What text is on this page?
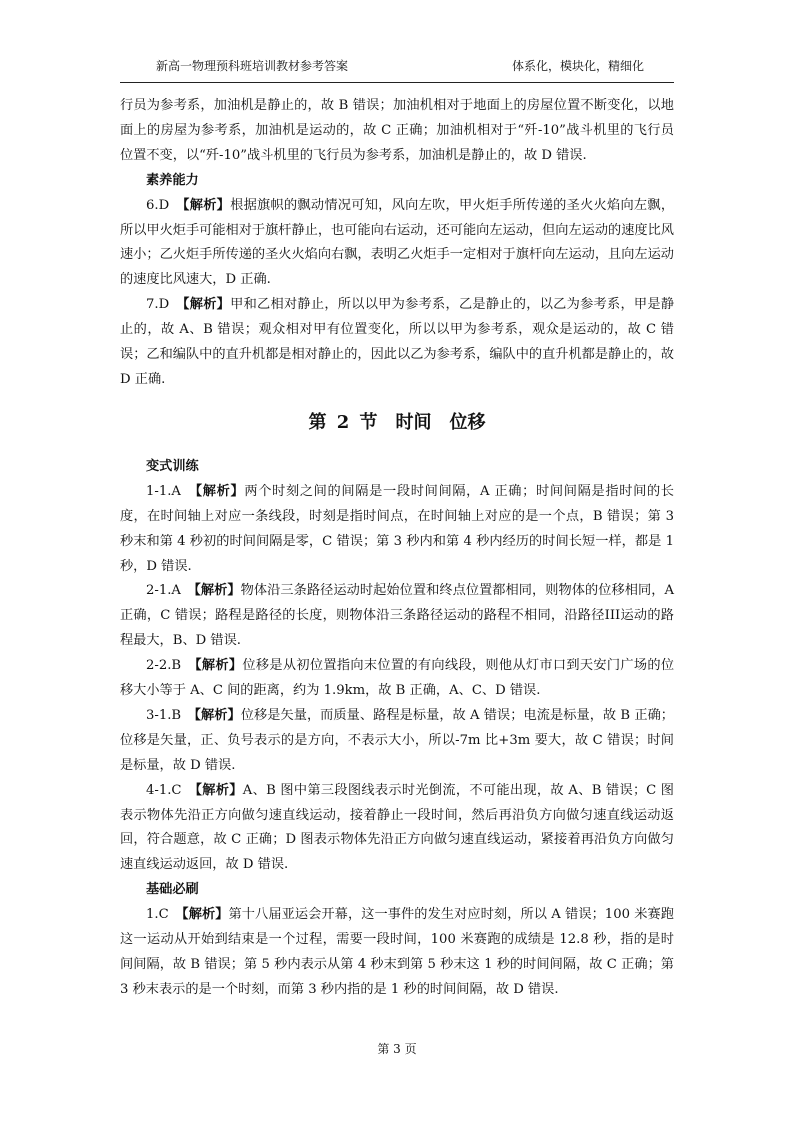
新高一物理预科班培训教材参考答案	体系化，模块化，精细化

行员为参考系，加油机是静止的，故 B 错误；加油机相对于地面上的房屋位置不断变化，以地面上的房屋为参考系，加油机是运动的，故 C 正确；加油机相对于“歼-10”战斗机里的飞行员位置不变，以“歼-10”战斗机里的飞行员为参考系，加油机是静止的，故 D 错误.

素养能力

6.D　【解析】根据旗帜的飘动情况可知，风向左吹，甲火炬手所传递的圣火火焰向左飘，所以甲火炬手可能相对于旗杆静止，也可能向右运动，还可能向左运动，但向左运动的速度比风速小；乙火炬手所传递的圣火火焰向右飘，表明乙火炬手一定相对于旗杆向左运动，且向左运动的速度比风速大，D 正确.

7.D　【解析】甲和乙相对静止，所以以甲为参考系，乙是静止的，以乙为参考系，甲是静止的，故 A、B 错误；观众相对甲有位置变化，所以以甲为参考系，观众是运动的，故 C 错误；乙和编队中的直升机都是相对静止的，因此以乙为参考系，编队中的直升机都是静止的，故 D 正确.

第 2 节　时间　位移

变式训练

1-1.A　【解析】两个时刻之间的间隔是一段时间间隔，A 正确；时间间隔是指时间的长度，在时间轴上对应一条线段，时刻是指时间点，在时间轴上对应的是一个点，B 错误；第 3 秒末和第 4 秒初的时间间隔是零，C 错误；第 3 秒内和第 4 秒内经历的时间长短一样，都是 1 秒，D 错误.

2-1.A　【解析】物体沿三条路径运动时起始位置和终点位置都相同，则物体的位移相同，A 正确，C 错误；路程是路径的长度，则物体沿三条路径运动的路程不相同，沿路径III运动的路程最大，B、D 错误.

2-2.B　【解析】位移是从初位置指向末位置的有向线段，则他从灯市口到天安门广场的位移大小等于 A、C 间的距离，约为 1.9km，故 B 正确，A、C、D 错误.

3-1.B　【解析】位移是矢量，而质量、路程是标量，故 A 错误；电流是标量，故 B 正确；位移是矢量，正、负号表示的是方向，不表示大小，所以-7m 比+3m 要大，故 C 错误；时间是标量，故 D 错误.

4-1.C　【解析】A、B 图中第三段图线表示时光倒流，不可能出现，故 A、B 错误；C 图表示物体先沿正方向做匀速直线运动，接着静止一段时间，然后再沿负方向做匀速直线运动返回，符合题意，故 C 正确；D 图表示物体先沿正方向做匀速直线运动，紧接着再沿负方向做匀速直线运动返回，故 D 错误.

基础必刷

1.C　【解析】第十八届亚运会开幕，这一事件的发生对应时刻，所以 A 错误；100 米赛跑这一运动从开始到结束是一个过程，需要一段时间，100 米赛跑的成绩是 12.8 秒，指的是时间间隔，故 B 错误；第 5 秒内表示从第 4 秒末到第 5 秒末这 1 秒的时间间隔，故 C 正确；第 3 秒末表示的是一个时刻，而第 3 秒内指的是 1 秒的时间间隔，故 D 错误.

第 3 页
